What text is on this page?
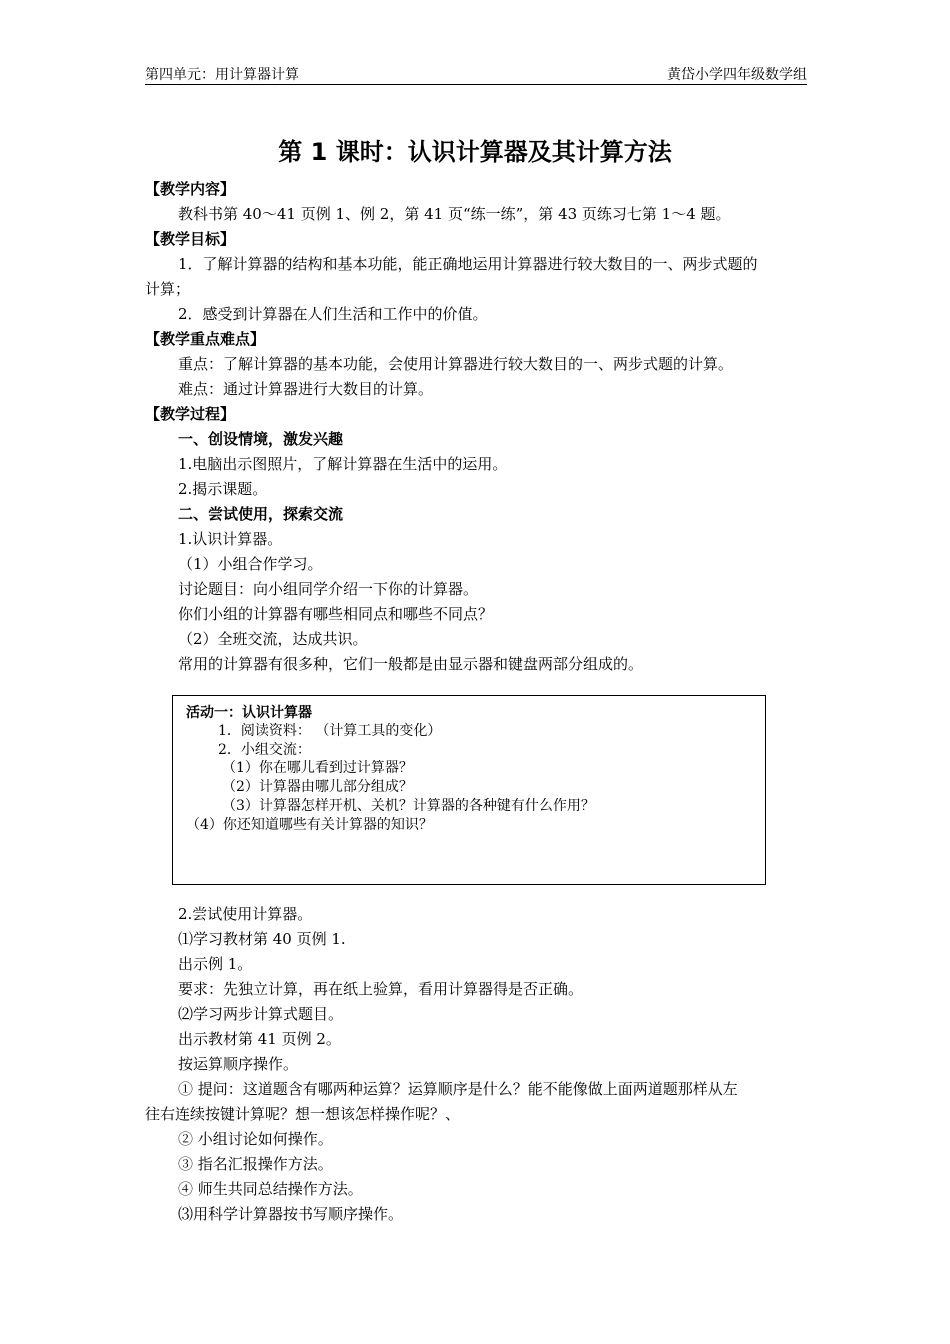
第四单元：用计算器计算	黄岱小学四年级数学组
第 1 课时：认识计算器及其计算方法
【教学内容】
教科书第 40～41 页例 1、例 2，第 41 页“练一练”，第 43 页练习七第 1～4 题。
【教学目标】
1．了解计算器的结构和基本功能，能正确地运用计算器进行较大数目的一、两步式题的
计算；
2．感受到计算器在人们生活和工作中的价值。
【教学重点难点】
重点：了解计算器的基本功能，会使用计算器进行较大数目的一、两步式题的计算。
难点：通过计算器进行大数目的计算。
【教学过程】
一、创设情境，激发兴趣
1.电脑出示图照片，了解计算器在生活中的运用。
2.揭示课题。
二、尝试使用，探索交流
1.认识计算器。
（1）小组合作学习。
讨论题目：向小组同学介绍一下你的计算器。
你们小组的计算器有哪些相同点和哪些不同点？
（2）全班交流，达成共识。
常用的计算器有很多种，它们一般都是由显示器和键盘两部分组成的。
活动一：认识计算器
1．阅读资料： （计算工具的变化）
2．小组交流：
（1）你在哪儿看到过计算器？
（2）计算器由哪儿部分组成？
（3）计算器怎样开机、关机？计算器的各种键有什么作用？
（4）你还知道哪些有关计算器的知识？
2.尝试使用计算器。
⑴学习教材第 40 页例 1.
出示例 1。
要求：先独立计算，再在纸上验算，看用计算器得是否正确。
⑵学习两步计算式题目。
出示教材第 41 页例 2。
按运算顺序操作。
① 提问：这道题含有哪两种运算？运算顺序是什么？能不能像做上面两道题那样从左
往右连续按键计算呢？想一想该怎样操作呢？、
② 小组讨论如何操作。
③ 指名汇报操作方法。
④ 师生共同总结操作方法。
⑶用科学计算器按书写顺序操作。
